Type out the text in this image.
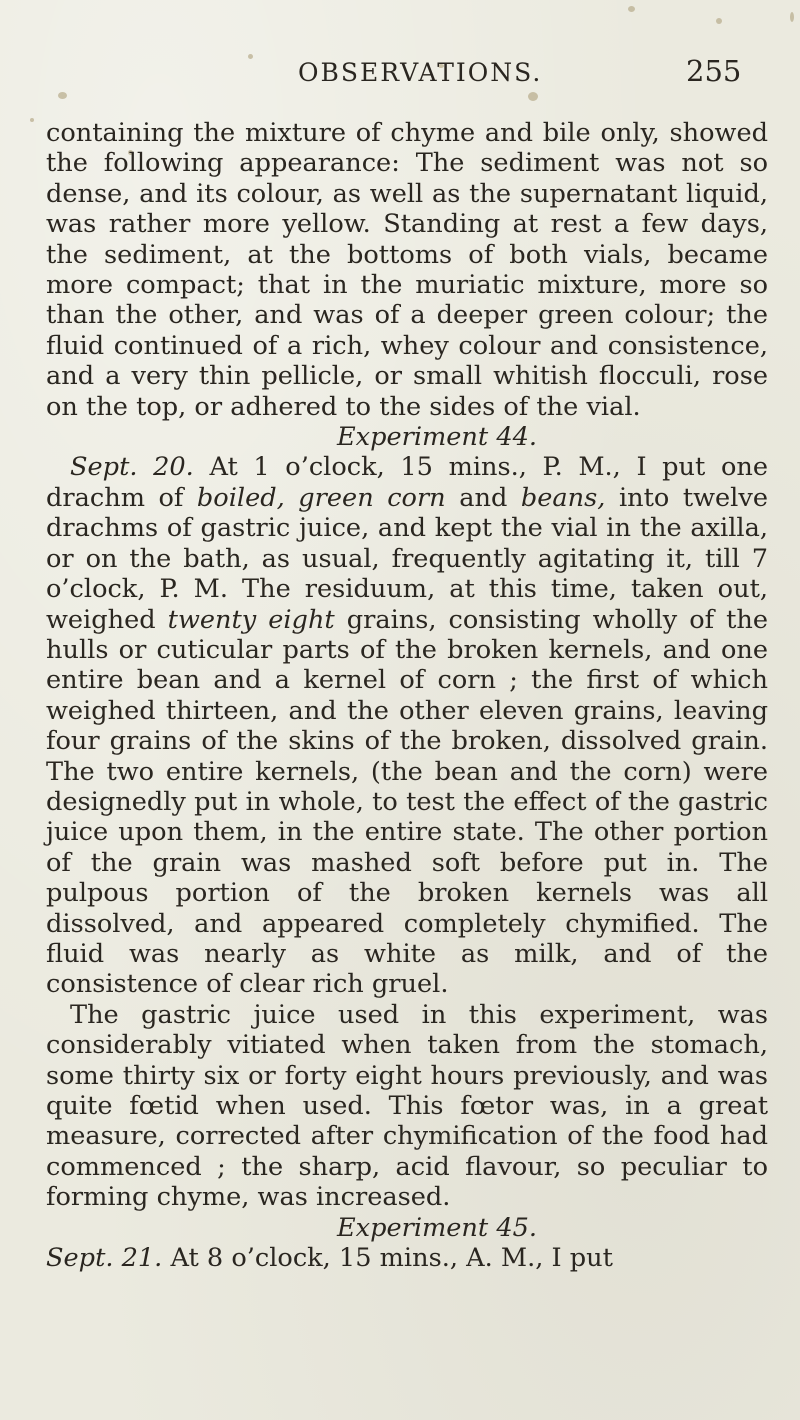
OBSERVATIONS.	255

containing the mixture of chyme and bile only, showed the following appearance: The sediment was not so dense, and its colour, as well as the supernatant liquid, was rather more yellow. Standing at rest a few days, the sediment, at the bottoms of both vials, became more compact; that in the muriatic mixture, more so than the other, and was of a deeper green colour; the fluid continued of a rich, whey colour and consistence, and a very thin pellicle, or small whitish flocculi, rose on the top, or adhered to the sides of the vial.

Experiment 44.

Sept. 20. At 1 o’clock, 15 mins., P. M., I put one drachm of boiled, green corn and beans, into twelve drachms of gastric juice, and kept the vial in the axilla, or on the bath, as usual, frequently agitating it, till 7 o’clock, P. M. The residuum, at this time, taken out, weighed twenty eight grains, consisting wholly of the hulls or cuticular parts of the broken kernels, and one entire bean and a kernel of corn ; the first of which weighed thirteen, and the other eleven grains, leaving four grains of the skins of the broken, dissolved grain. The two entire kernels, (the bean and the corn) were designedly put in whole, to test the effect of the gastric juice upon them, in the entire state. The other portion of the grain was mashed soft before put in. The pulpous portion of the broken kernels was all dissolved, and appeared completely chymified. The fluid was nearly as white as milk, and of the consistence of clear rich gruel.

The gastric juice used in this experiment, was considerably vitiated when taken from the stomach, some thirty six or forty eight hours previously, and was quite fœtid when used. This fœtor was, in a great measure, corrected after chymification of the food had commenced ; the sharp, acid flavour, so peculiar to forming chyme, was increased.

Experiment 45.

Sept. 21. At 8 o’clock, 15 mins., A. M., I put
